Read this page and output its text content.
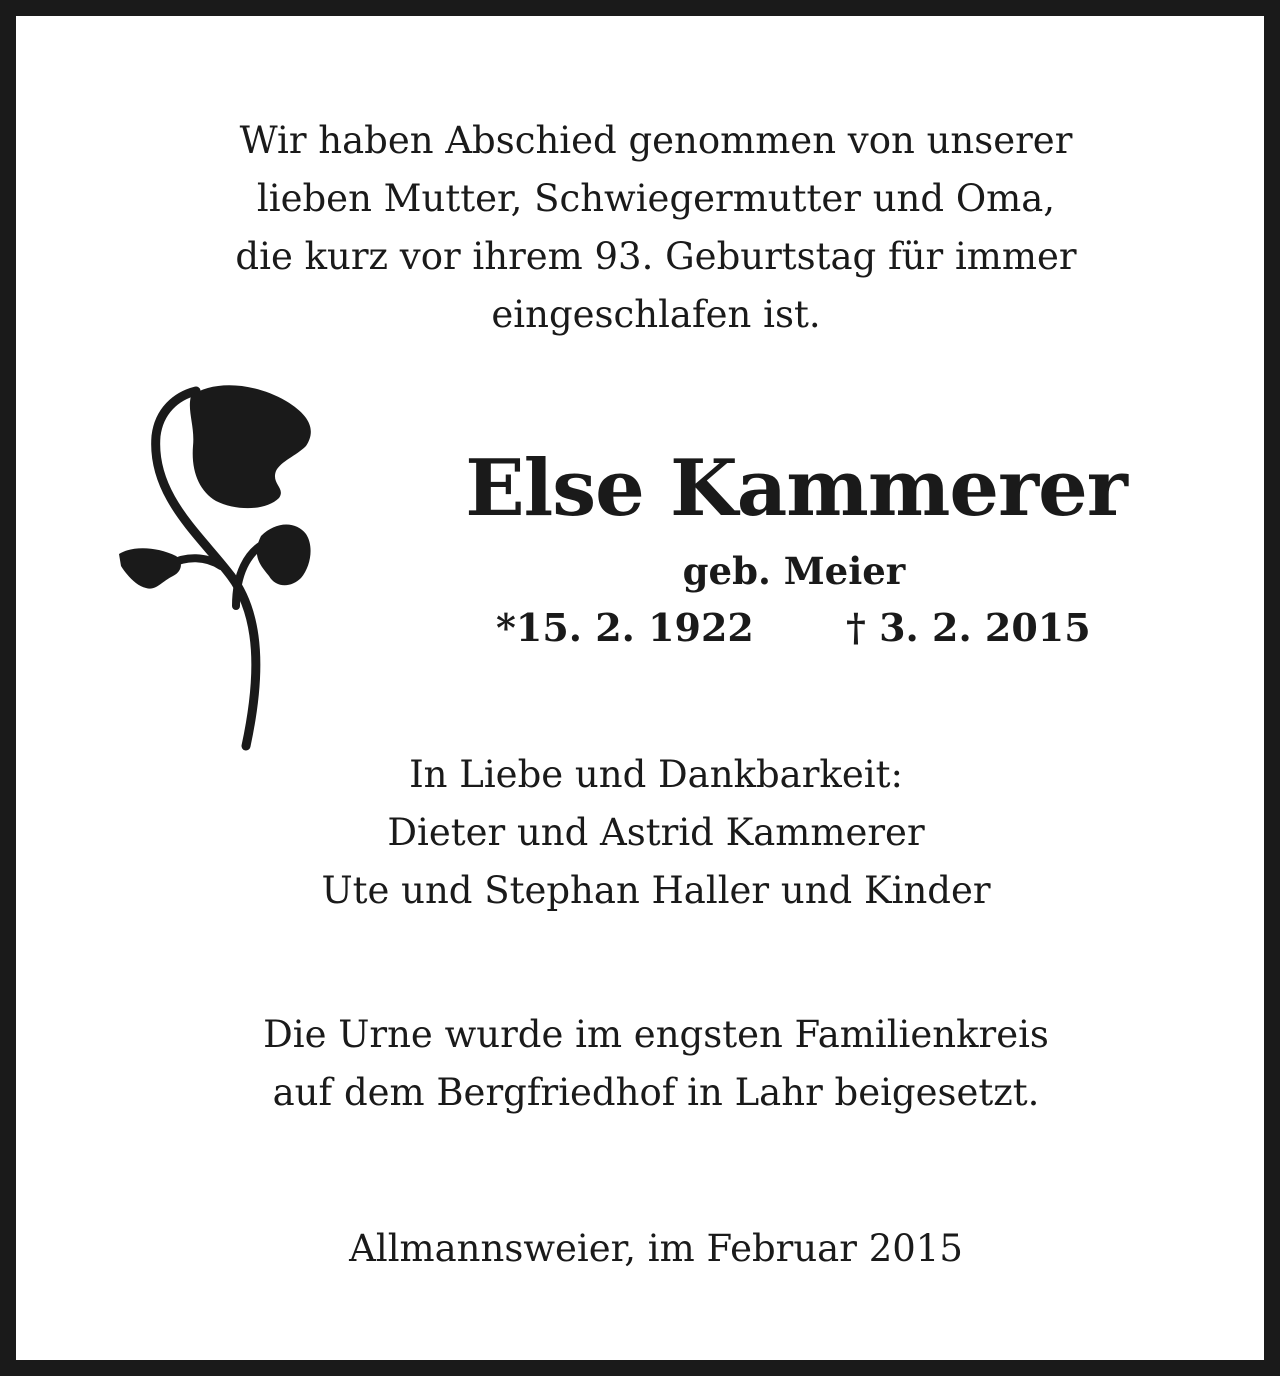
Wir haben Abschied genommen von unserer
lieben Mutter, Schwiegermutter und Oma,
die kurz vor ihrem 93. Geburtstag für immer
eingeschlafen ist.
Else Kammerer
geb. Meier
*15. 2. 1922 † 3. 2. 2015
In Liebe und Dankbarkeit:
Dieter und Astrid Kammerer
Ute und Stephan Haller und Kinder
Die Urne wurde im engsten Familienkreis
auf dem Bergfriedhof in Lahr beigesetzt.
Allmannsweier, im Februar 2015
